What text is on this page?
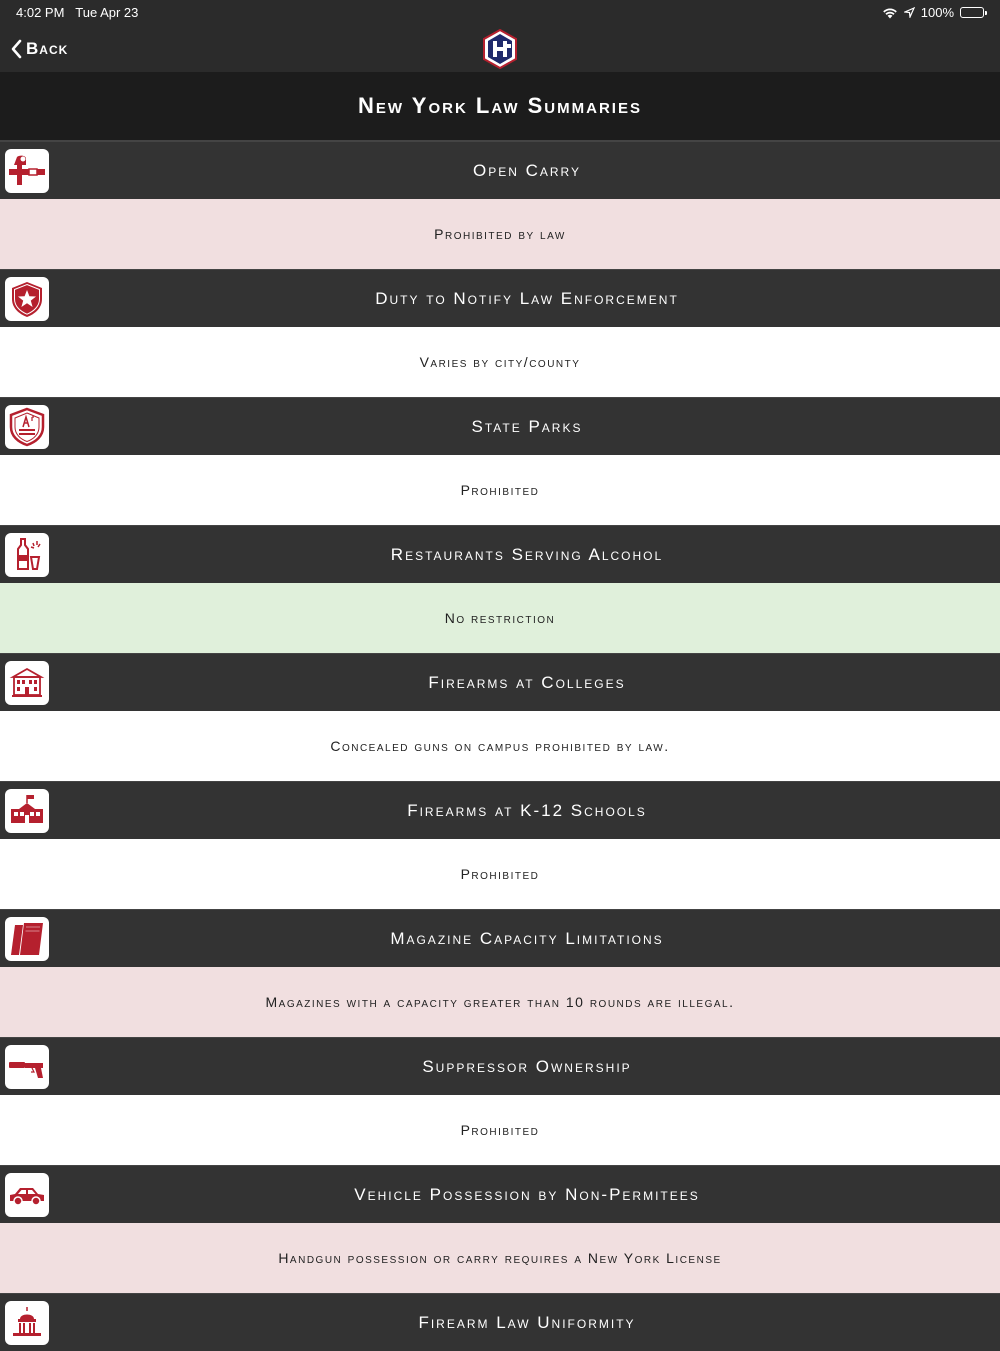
4:02 PM Tue Apr 23	100%
Back
New York Law Summaries
Open Carry
Prohibited by law
Duty to Notify Law Enforcement
Varies by city/county
State Parks
Prohibited
Restaurants Serving Alcohol
No restriction
Firearms at Colleges
Concealed guns on campus prohibited by law.
Firearms at K-12 Schools
Prohibited
Magazine Capacity Limitations
Magazines with a capacity greater than 10 rounds are illegal.
Suppressor Ownership
Prohibited
Vehicle Possession by Non-Permitees
Handgun possession or carry requires a New York License
Firearm Law Uniformity
